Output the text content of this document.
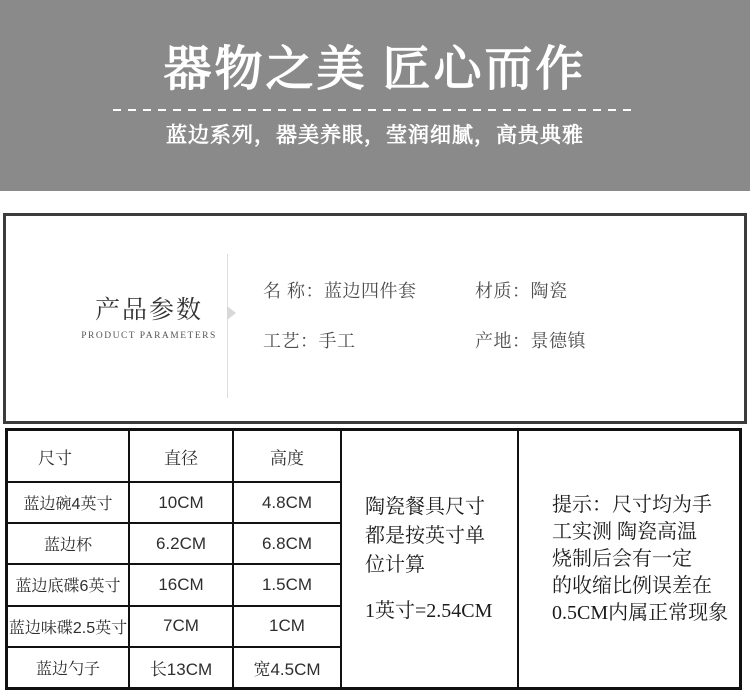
器物之美 匠心而作

蓝边系列，器美养眼，莹润细腻，高贵典雅

产品参数
PRODUCT PARAMETERS
名 称：蓝边四件套	材质：陶瓷
工艺：手工	产地：景德镇
陶瓷餐具尺寸
都是按英寸单
位计算
1英寸=2.54CM
提示：尺寸均为手
工实测 陶瓷高温
烧制后会有一定
的收缩比例误差在
0.5CM内属正常现象
尺寸	直径	高度
蓝边碗4英寸	10CM	4.8CM
蓝边杯	6.2CM	6.8CM
蓝边底碟6英寸	16CM	1.5CM
蓝边味碟2.5英寸	7CM	1CM
蓝边勺子	长13CM	宽4.5CM
